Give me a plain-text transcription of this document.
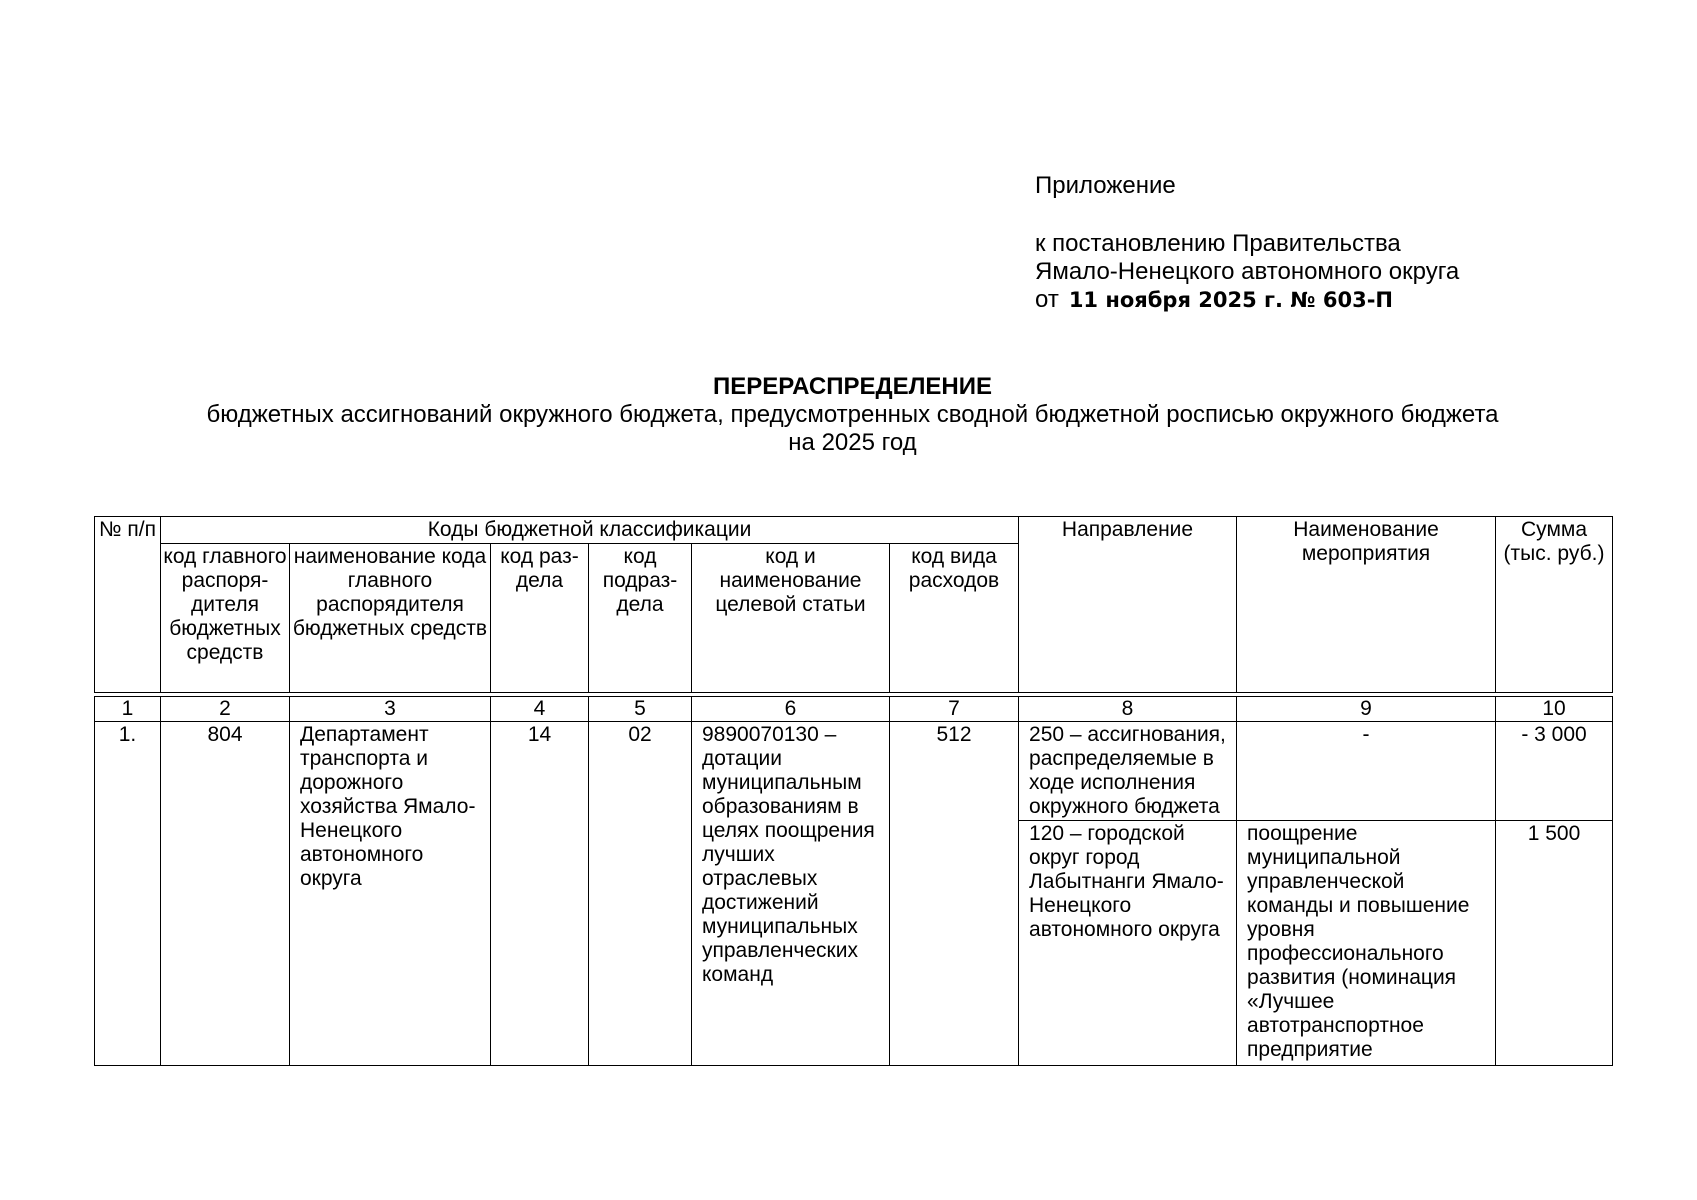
Приложение
к постановлению Правительства
Ямало-Ненецкого автономного округа
от 11 ноября 2025 г. № 603-П
ПЕРЕРАСПРЕДЕЛЕНИЕ
бюджетных ассигнований окружного бюджета, предусмотренных сводной бюджетной росписью окружного бюджета
на 2025 год
№ п/п	Коды бюджетной классификации						Направление	Наименование мероприятия	Сумма (тыс. руб.)
	код главного распоря-дителя бюджетных средств	наименование кода главного распорядителя бюджетных средств	код раз-дела	код подраз-дела	код и наименование целевой статьи	код вида расходов			

1	2	3	4	5	6	7	8	9	10
1.	804	Департамент транспорта и дорожного хозяйства Ямало-Ненецкого автономного округа	14	02	9890070130 – дотации муниципальным образованиям в целях поощрения лучших отраслевых достижений муниципальных управленческих команд	512	250 – ассигнования, распределяемые в ходе исполнения окружного бюджета	-	- 3 000
							120 – городской округ город Лабытнанги Ямало-Ненецкого автономного округа	поощрение муниципальной управленческой команды и повышение уровня профессионального развития (номинация «Лучшее автотранспортное предприятие	1 500
